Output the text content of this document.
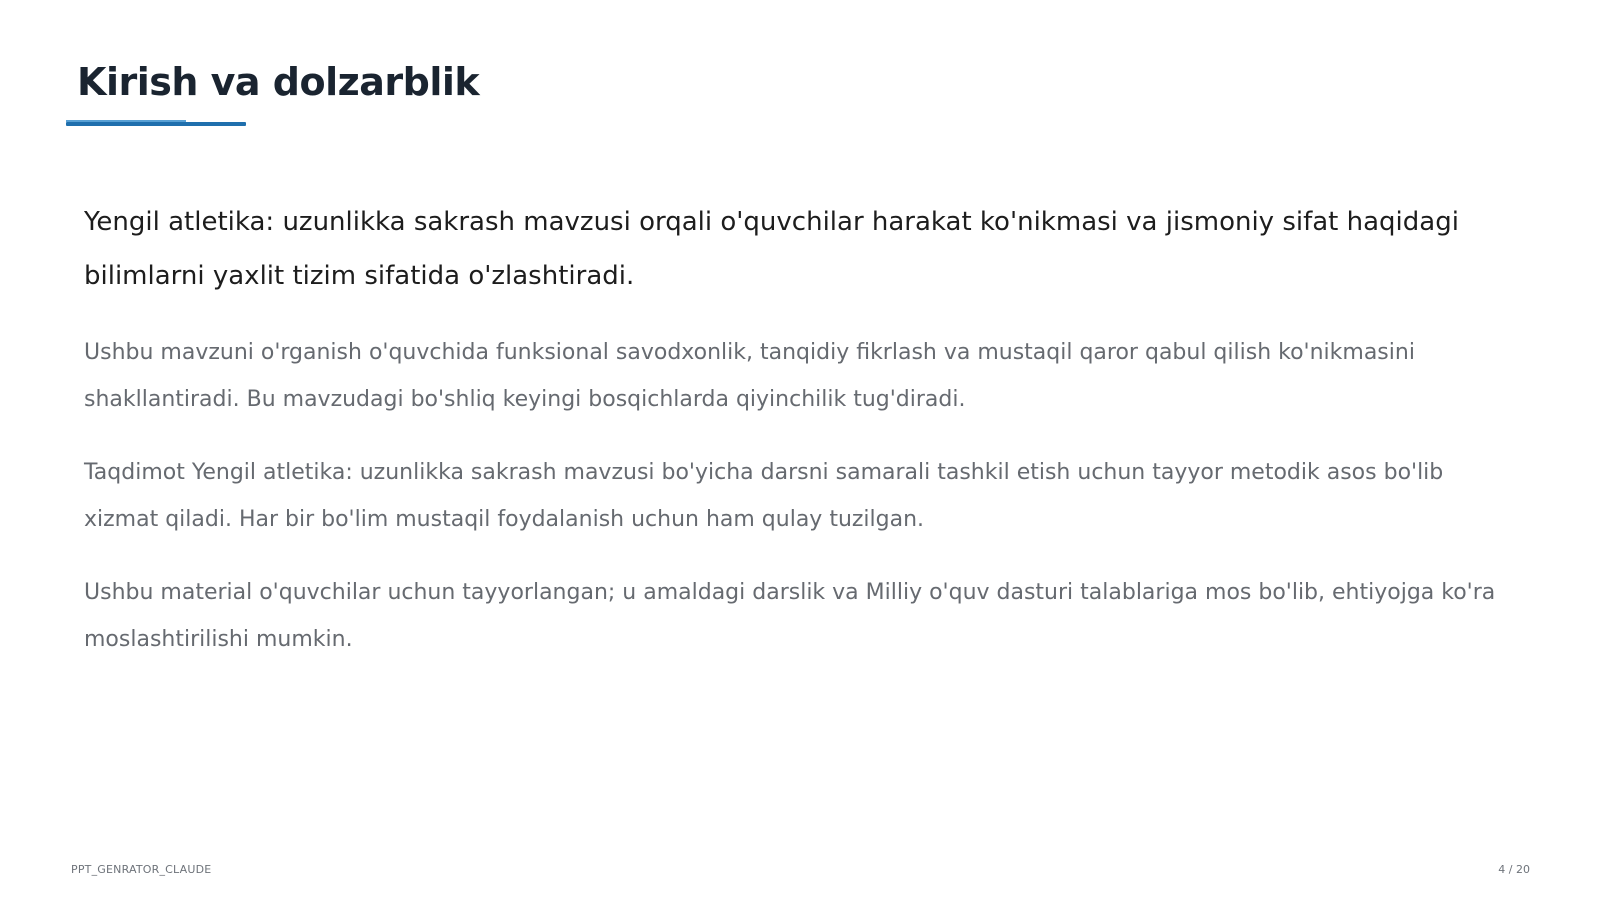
Kirish va dolzarblik
Yengil atletika: uzunlikka sakrash mavzusi orqali o'quvchilar harakat ko'nikmasi va jismoniy sifat haqidagi bilimlarni yaxlit tizim sifatida o'zlashtiradi.
Ushbu mavzuni o'rganish o'quvchida funksional savodxonlik, tanqidiy fikrlash va mustaqil qaror qabul qilish ko'nikmasini shakllantiradi. Bu mavzudagi bo'shliq keyingi bosqichlarda qiyinchilik tug'diradi.
Taqdimot Yengil atletika: uzunlikka sakrash mavzusi bo'yicha darsni samarali tashkil etish uchun tayyor metodik asos bo'lib xizmat qiladi. Har bir bo'lim mustaqil foydalanish uchun ham qulay tuzilgan.
Ushbu material o'quvchilar uchun tayyorlangan; u amaldagi darslik va Milliy o'quv dasturi talablariga mos bo'lib, ehtiyojga ko'ra moslashtirilishi mumkin.
PPT_GENRATOR_CLAUDE	4 / 20
